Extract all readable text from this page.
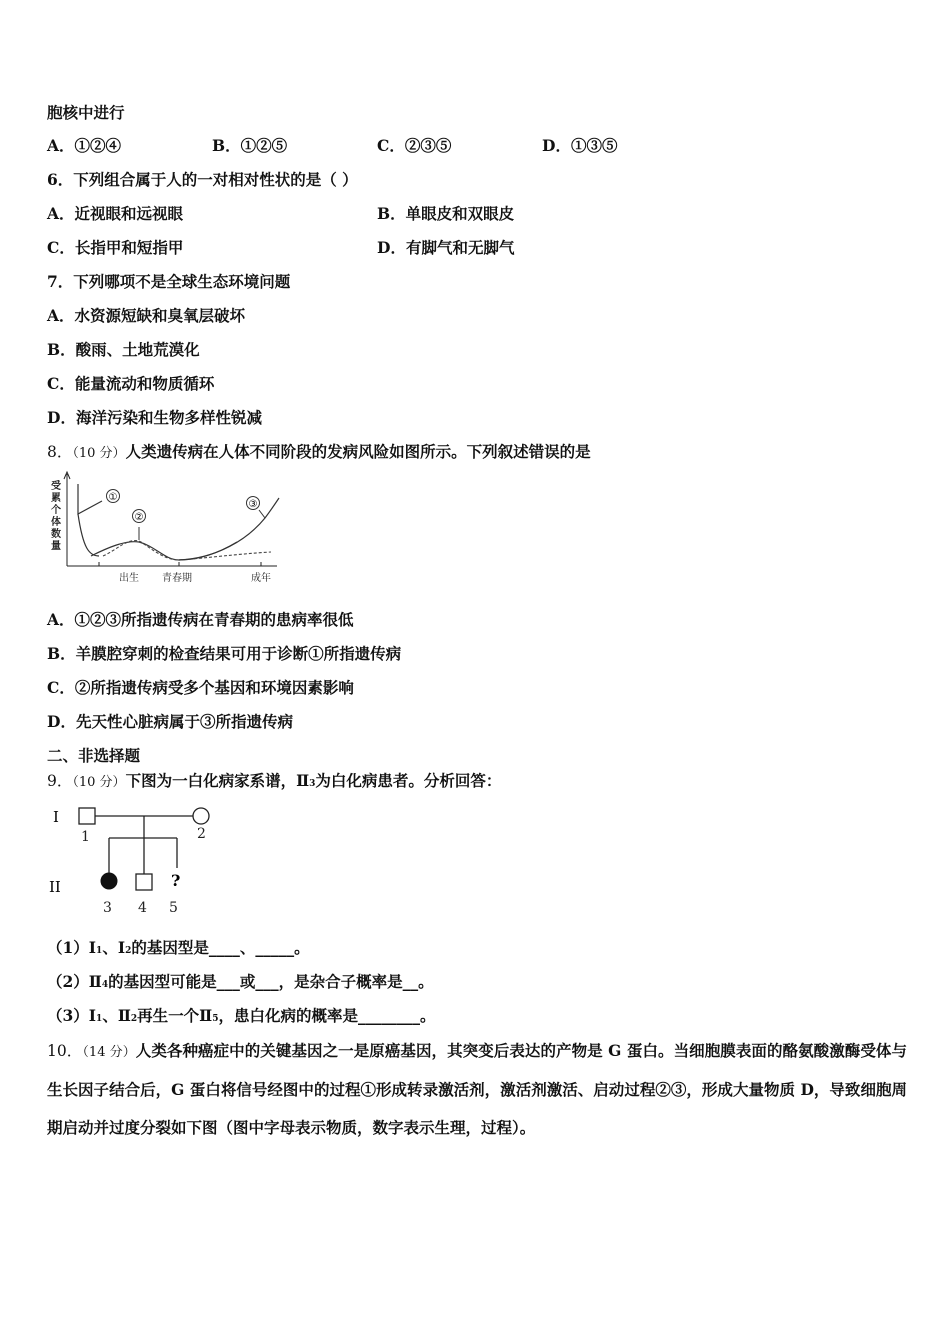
胞核中进行
A．①②④	B．①②⑤	C．②③⑤	D．①③⑤
6．下列组合属于人的一对相对性状的是（ ）
A．近视眼和远视眼	B．单眼皮和双眼皮
C．长指甲和短指甲	D．有脚气和无脚气
7．下列哪项不是全球生态环境问题
A．水资源短缺和臭氧层破坏
B．酸雨、土地荒漠化
C．能量流动和物质循环
D．海洋污染和生物多样性锐减
8．（10 分）人类遗传病在人体不同阶段的发病风险如图所示。下列叙述错误的是
受
累
个
体
数
量
①
②
③
出生 青春期	成年
A．①②③所指遗传病在青春期的患病率很低
B．羊膜腔穿刺的检查结果可用于诊断①所指遗传病
C．②所指遗传病受多个基因和环境因素影响
D．先天性心脏病属于③所指遗传病
二、非选择题
9．（10 分）下图为一白化病家系谱，Ⅱ3为白化病患者。分析回答：
I
II	?
1	2
3 4 5
（1）Ⅰ1、Ⅰ2的基因型是____、_____。
（2）Ⅱ4的基因型可能是___或___，是杂合子概率是__。
（3）Ⅰ1、Ⅱ2再生一个Ⅱ5，患白化病的概率是________。
10．（14 分）人类各种癌症中的关键基因之一是原癌基因，其突变后表达的产物是 G 蛋白。当细胞膜表面的酪氨酸激酶受体与生长因子结合后，G 蛋白将信号经图中的过程①形成转录激活剂，激活剂激活、启动过程②③，形成大量物质 D，导致细胞周期启动并过度分裂如下图（图中字母表示物质，数字表示生理，过程）。
